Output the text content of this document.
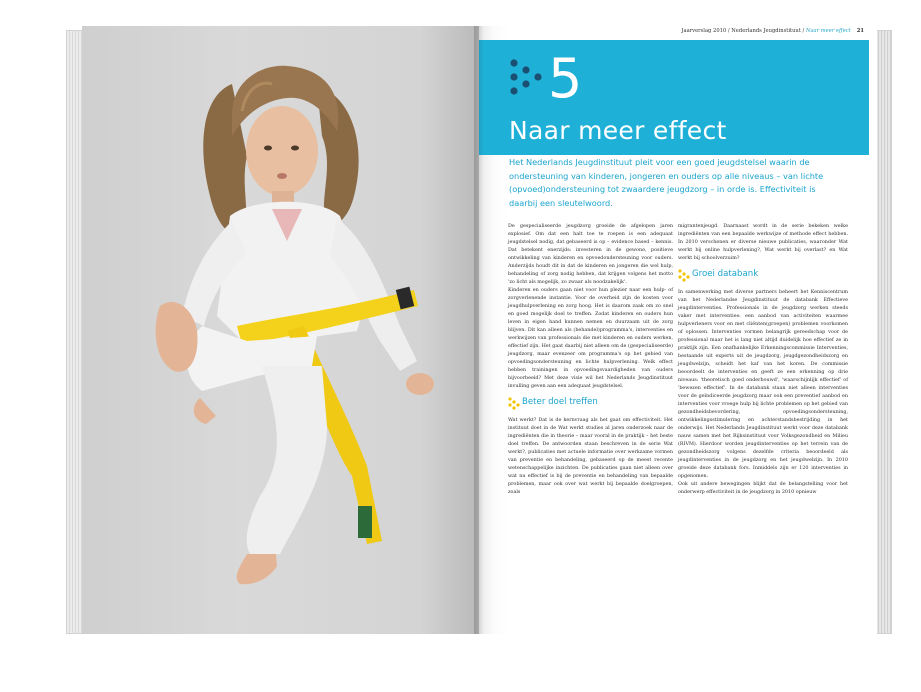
Jaarverslag 2010 / Nederlands Jeugdinstituut / Naar meer effect 21
5
Naar meer effect
Het Nederlands Jeugdinstituut pleit voor een goed jeugdstelsel waarin de ondersteuning van kinderen, jongeren en ouders op alle niveaus – van lichte (opvoed)ondersteuning tot zwaardere jeugdzorg – in orde is. Effectiviteit is daarbij een sleutelwoord.

De gespecialiseerde jeugdzorg groeide de afgelopen jaren explosief. Om dat een halt toe te roepen is een adequaat jeugdstelsel nodig, dat gebaseerd is op – evidence based – kennis. Dat betekent enerzijds: investeren in de gewone, positieve ontwikkeling van kinderen en opvoedondersteuning voor ouders. Anderzijds houdt dit in dat de kinderen en jongeren die wel hulp, behandeling of zorg nodig hebben, dat krijgen volgens het motto 'zo licht als mogelijk, zo zwaar als noodzakelijk'.

Kinderen en ouders gaan niet voor hun plezier naar een hulp- of zorgverlenende instantie. Voor de overheid zijn de kosten voor jeugdhulpverlening en zorg hoog. Het is daarom zaak om zo snel en goed mogelijk doel te treffen. Zodat kinderen en ouders hun leven in eigen hand kunnen nemen en duurzaam uit de zorg blijven. Dit kan alleen als (behandel)programma's, interventies en werkwijzen van professionals die met kinderen en ouders werken, effectief zijn. Het gaat daarbij niet alleen om de (gespecialiseerde) jeugdzorg, maar evenzeer om programma's op het gebied van opvoedingsondersteuning en lichte hulpverlening. Welk effect hebben trainingen in opvoedingsvaardigheden van ouders bijvoorbeeld? Met deze visie wil het Nederlands Jeugdinstituut invulling geven aan een adequaat jeugdstelsel.

Beter doel treffen

Wat werkt? Dat is de kernvraag als het gaat om effectiviteit. Het instituut doet in de Wat werkt studies al jaren onderzoek naar de ingrediënten die in theorie – maar vooral in de praktijk – het beste doel treffen. De antwoorden staan beschreven in de serie Wat werkt?, publicaties met actuele informatie over werkzame vormen van preventie en behandeling, gebaseerd op de meest recente wetenschappelijke inzichten. De publicaties gaan niet alleen over wat nu effectief is bij de preventie en behandeling van bepaalde problemen, maar ook over wat werkt bij bepaalde doelgroepen, zoals

migrantenjeugd. Daarnaast wordt in de serie bekeken welke ingrediënten van een bepaalde werkwijze of methode effect hebben. In 2010 verschenen er diverse nieuwe publicaties, waaronder Wat werkt bij online hulpverlening?, Wat werkt bij overlast? en Wat werkt bij schoolverzuim?

Groei databank

In samenwerking met diverse partners beheert het Kenniscentrum van het Nederlandse Jeugdinstituut de databank Effectieve jeugdinterventies. Professionals in de jeugdzorg werken steeds vaker met interventies: een aanbod van activiteiten waarmee hulpverleners voor en met cliënten(groepen) problemen voorkomen of oplossen. Interventies vormen belangrijk gereedschap voor de professional maar het is lang niet altijd duidelijk hoe effectief ze in praktijk zijn. Een onafhankelijke Erkenningscommissie Interventies, bestaande uit experts uit de jeugdzorg, jeugdgezondheidszorg en jeugdwelzijn, scheidt het kaf van het koren. De commissie beoordeelt de interventies en geeft ze een erkenning op drie niveaus: 'theoretisch goed onderbouwd', 'waarschijnlijk effectief' of 'bewezen effectief'. In de databank staan niet alleen interventies voor de geïndiceerde jeugdzorg maar ook een preventief aanbod en interventies voor vroege hulp bij lichte problemen op het gebied van gezondheidsbevordering, opvoedingsondersteuning, ontwikkelingsstimulering en achterstandsbestrijding in het onderwijs. Het Nederlands Jeugdinstituut werkt voor deze databank nauw samen met het Rijksinstituut voor Volksgezondheid en Milieu (RIVM). Hierdoor worden jeugdinterventies op het terrein van de gezondheidszorg volgens dezelfde criteria beoordeeld als jeugdinterventies in de jeugdzorg en het jeugdwelzijn. In 2010 groeide deze databank fors. Inmiddels zijn er 120 interventies in opgenomen.

Ook uit andere bewegingen blijkt dat de belangstelling voor het onderwerp effectiviteit in de jeugdzorg in 2010 opnieuw
